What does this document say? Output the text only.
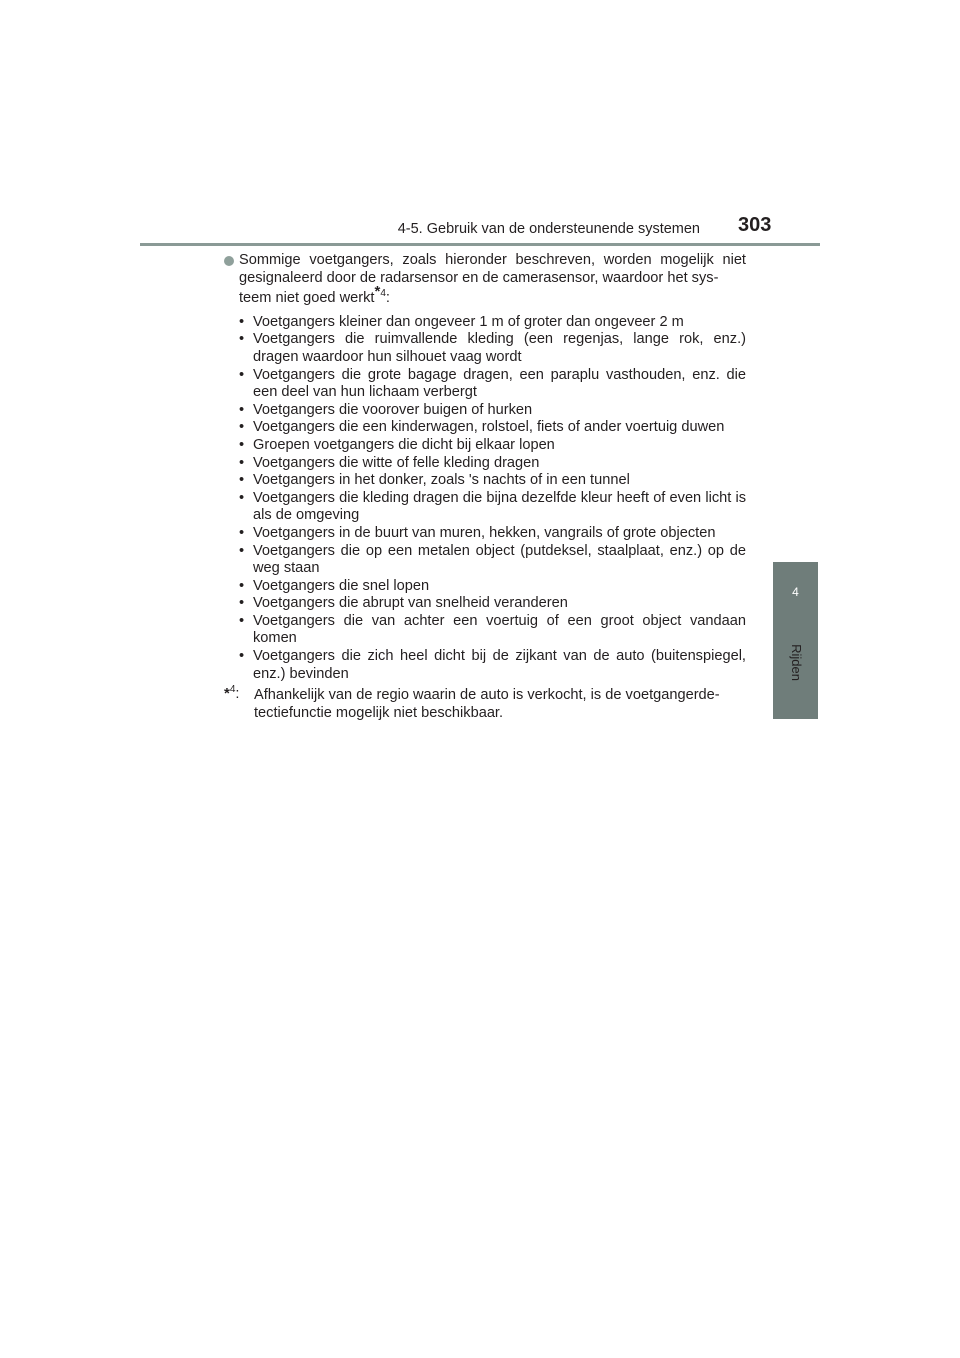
4-5. Gebruik van de ondersteunende systemen 303
4
Rijden
Sommige voetgangers, zoals hieronder beschreven, worden mogelijk niet gesignaleerd door de radarsensor en de camerasensor, waardoor het sys-
teem niet goed werkt$^{*4}$:
• Voetgangers kleiner dan ongeveer 1 m of groter dan ongeveer 2 m
• Voetgangers die ruimvallende kleding (een regenjas, lange rok, enz.) dragen waardoor hun silhouet vaag wordt
• Voetgangers die grote bagage dragen, een paraplu vasthouden, enz. die een deel van hun lichaam verbergt
• Voetgangers die voorover buigen of hurken
• Voetgangers die een kinderwagen, rolstoel, fiets of ander voertuig duwen
• Groepen voetgangers die dicht bij elkaar lopen
• Voetgangers die witte of felle kleding dragen
• Voetgangers in het donker, zoals 's nachts of in een tunnel
• Voetgangers die kleding dragen die bijna dezelfde kleur heeft of even licht is als de omgeving
• Voetgangers in de buurt van muren, hekken, vangrails of grote objecten
• Voetgangers die op een metalen object (putdeksel, staalplaat, enz.) op de weg staan
• Voetgangers die snel lopen
• Voetgangers die abrupt van snelheid veranderen
• Voetgangers die van achter een voertuig of een groot object vandaan komen
• Voetgangers die zich heel dicht bij de zijkant van de auto (buitenspiegel, enz.) bevinden
*$^4$: Afhankelijk van de regio waarin de auto is verkocht, is de voetgangerde-tectiefunctie mogelijk niet beschikbaar.
